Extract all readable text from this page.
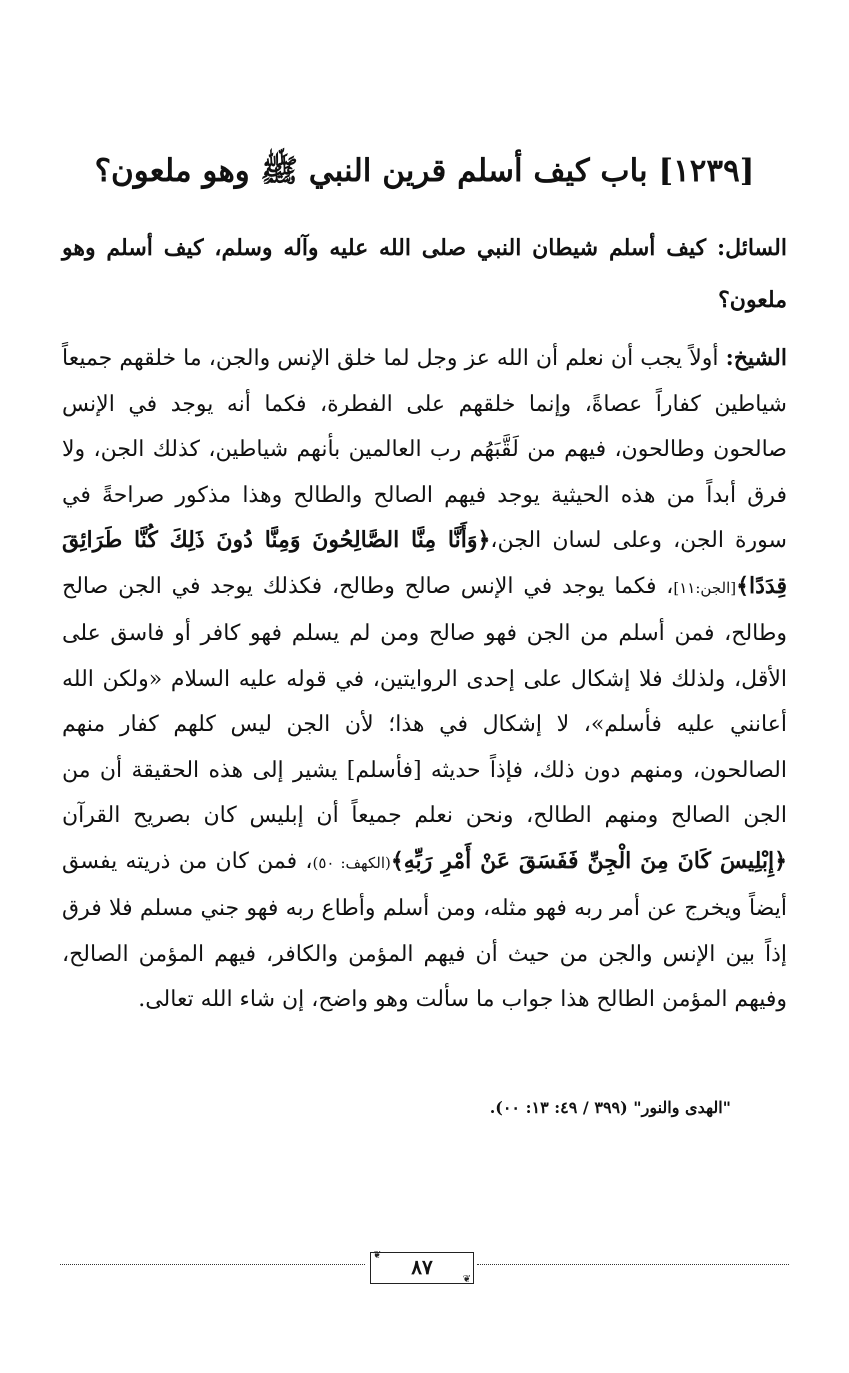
[١٢٣٩] باب كيف أسلم قرين النبي ﷺ وهو ملعون؟

السائل: كيف أسلم شيطان النبي صلى الله عليه وآله وسلم، كيف أسلم وهو ملعون؟

الشيخ: أولاً يجب أن نعلم أن الله عز وجل لما خلق الإنس والجن، ما خلقهم جميعاً شياطين كفاراً عصاةً، وإنما خلقهم على الفطرة، فكما أنه يوجد في الإنس صالحون وطالحون، فيهم من لَقَّبَهُم رب العالمين بأنهم شياطين، كذلك الجن، ولا فرق أبداً من هذه الحيثية يوجد فيهم الصالح والطالح وهذا مذكور صراحةً في سورة الجن، وعلى لسان الجن،﴿وَأَنَّا مِنَّا الصَّالِحُونَ وَمِنَّا دُونَ ذَلِكَ كُنَّا طَرَائِقَ قِدَدًا﴾[الجن:١١]، فكما يوجد في الإنس صالح وطالح، فكذلك يوجد في الجن صالح وطالح، فمن أسلم من الجن فهو صالح ومن لم يسلم فهو كافر أو فاسق على الأقل، ولذلك فلا إشكال على إحدى الروايتين، في قوله عليه السلام «ولكن الله أعانني عليه فأسلم»، لا إشكال في هذا؛ لأن الجن ليس كلهم كفار منهم الصالحون، ومنهم دون ذلك، فإذاً حديثه [فأسلم] يشير إلى هذه الحقيقة أن من الجن الصالح ومنهم الطالح، ونحن نعلم جميعاً أن إبليس كان بصريح القرآن ﴿إِبْلِيسَ كَانَ مِنَ الْجِنِّ فَفَسَقَ عَنْ أَمْرِ رَبِّهِ﴾(الكهف: ٥٠)، فمن كان من ذريته يفسق أيضاً ويخرج عن أمر ربه فهو مثله، ومن أسلم وأطاع ربه فهو جني مسلم فلا فرق إذاً بين الإنس والجن من حيث أن فيهم المؤمن والكافر، فيهم المؤمن الصالح، وفيهم المؤمن الطالح هذا جواب ما سألت وهو واضح، إن شاء الله تعالى.

"الهدى والنور" (٣٩٩ / ٤٩: ١٣: ٠٠).
❦	٨٧
❦
